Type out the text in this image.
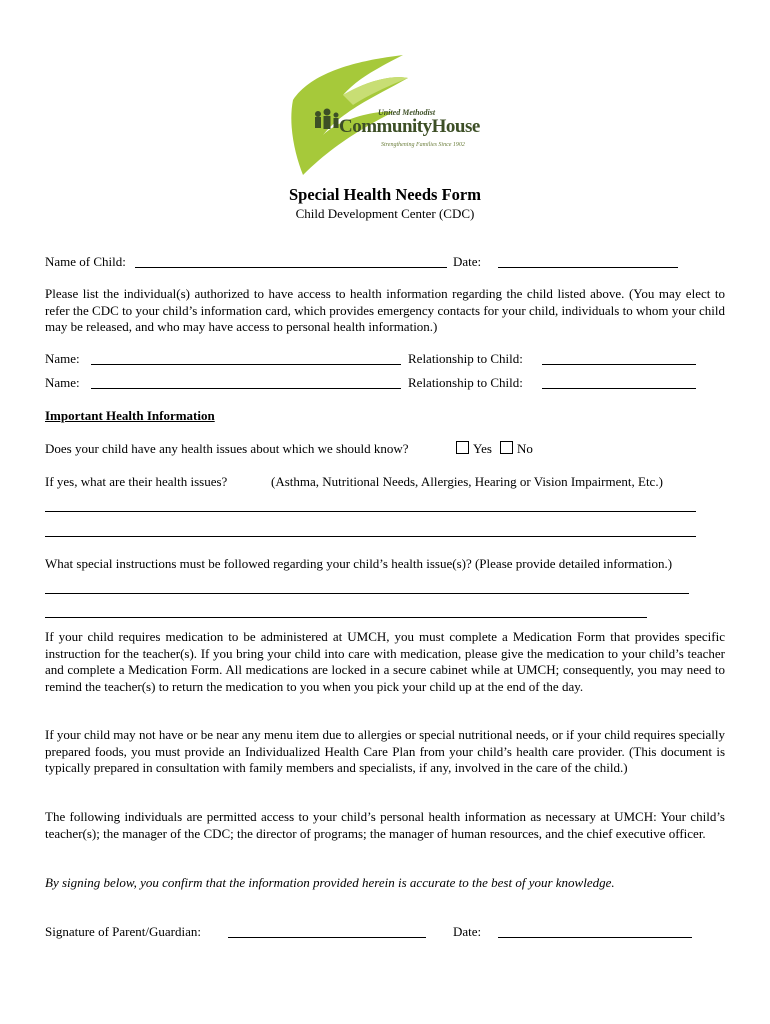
United Methodist
CommunityHouse
Strengthening Families Since 1902
Special Health Needs Form
Child Development Center (CDC)
Name of Child:	Date:
Please list the individual(s) authorized to have access to health information regarding the child listed above. (You may elect to refer the CDC to your child’s information card, which provides emergency contacts for your child, individuals to whom your child may be released, and who may have access to personal health information.)
Name:	Relationship to Child:
Name:	Relationship to Child:
Important Health Information
Does your child have any health issues about which we should know?	Yes	No
If yes, what are their health issues?	(Asthma, Nutritional Needs, Allergies, Hearing or Vision Impairment, Etc.)
What special instructions must be followed regarding your child’s health issue(s)? (Please provide detailed information.)
If your child requires medication to be administered at UMCH, you must complete a Medication Form that provides specific instruction for the teacher(s). If you bring your child into care with medication, please give the medication to your child’s teacher and complete a Medication Form. All medications are locked in a secure cabinet while at UMCH; consequently, you may need to remind the teacher(s) to return the medication to you when you pick your child up at the end of the day.
If your child may not have or be near any menu item due to allergies or special nutritional needs, or if your child requires specially prepared foods, you must provide an Individualized Health Care Plan from your child’s health care provider. (This document is typically prepared in consultation with family members and specialists, if any, involved in the care of the child.)
The following individuals are permitted access to your child’s personal health information as necessary at UMCH: Your child’s teacher(s); the manager of the CDC; the director of programs; the manager of human resources, and the chief executive officer.
By signing below, you confirm that the information provided herein is accurate to the best of your knowledge.
Signature of Parent/Guardian:	Date:
